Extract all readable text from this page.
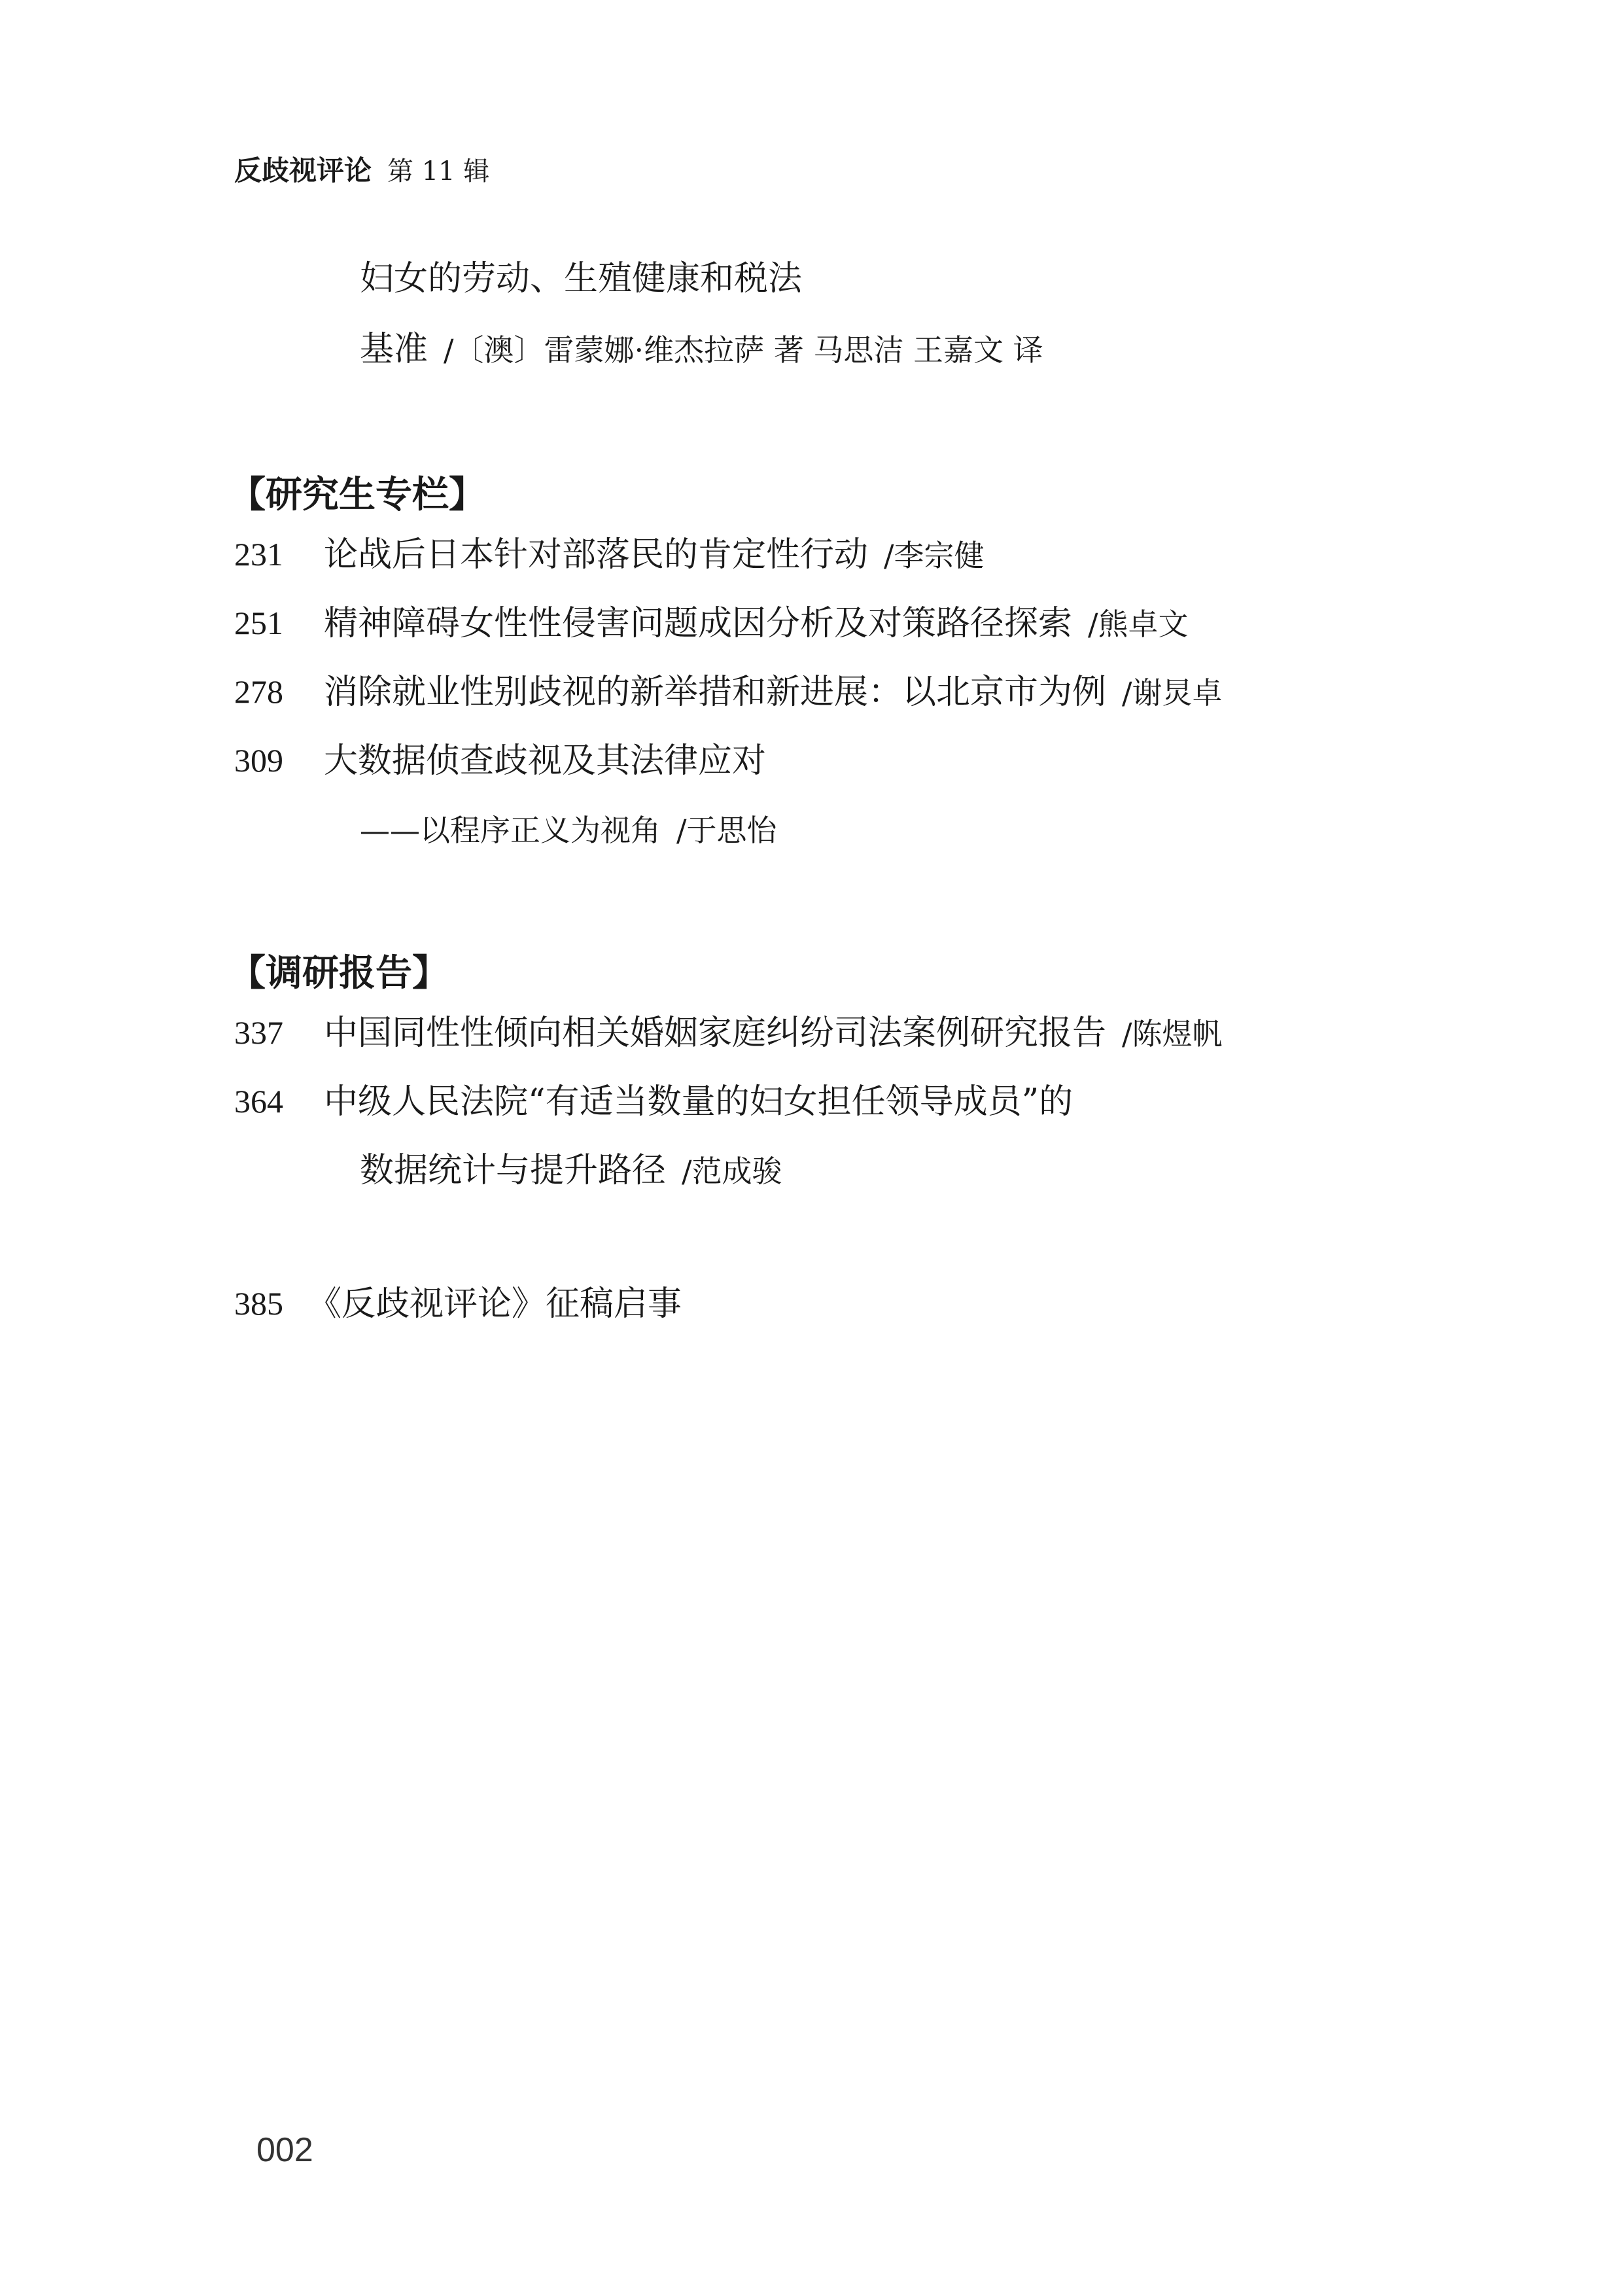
反歧视评论 第 11 辑
妇女的劳动、生殖健康和税法
基准 /〔澳〕雷蒙娜·维杰拉萨 著 马思洁 王嘉文 译
【研究生专栏】
231 论战后日本针对部落民的肯定性行动 /李宗健
251 精神障碍女性性侵害问题成因分析及对策路径探索 /熊卓文
278 消除就业性别歧视的新举措和新进展：以北京市为例 /谢炅卓
309 大数据侦查歧视及其法律应对
——以程序正义为视角 /于思怡
【调研报告】
337 中国同性性倾向相关婚姻家庭纠纷司法案例研究报告 /陈煜帆
364 中级人民法院“有适当数量的妇女担任领导成员”的
数据统计与提升路径 /范成骏
385 《反歧视评论》征稿启事
002
